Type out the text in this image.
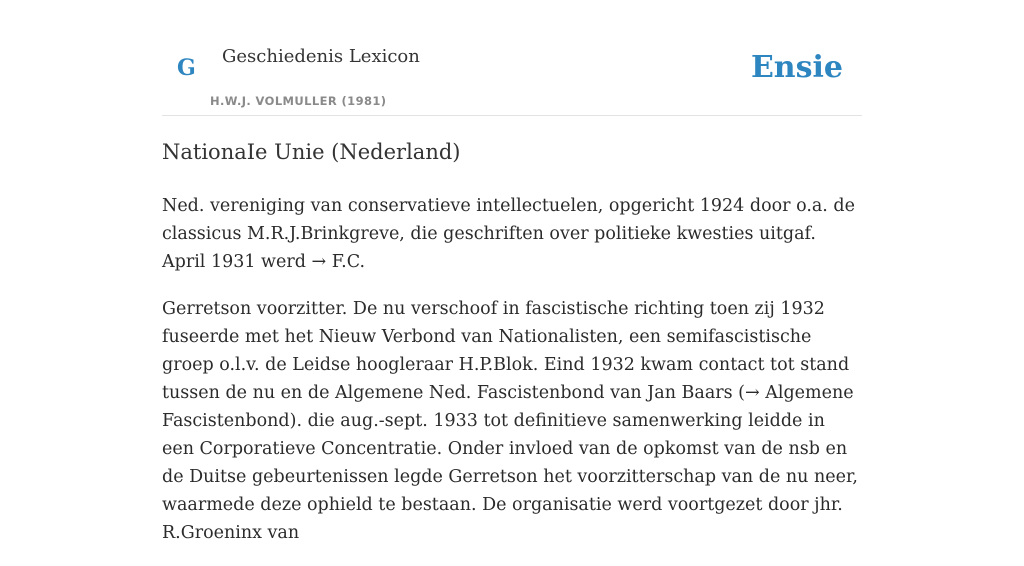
G Geschiedenis Lexicon
H.W.J. VOLMULLER (1981)
Ensie
NationaIe Unie (Nederland)

Ned. vereniging van conservatieve intellectuelen, opgericht 1924 door o.a. de classicus M.R.J.Brinkgreve, die geschriften over politieke kwesties uitgaf. April 1931 werd → F.C.

Gerretson voorzitter. De nu verschoof in fascistische richting toen zij 1932 fuseerde met het Nieuw Verbond van Nationalisten, een semifascistische groep o.l.v. de Leidse hoogleraar H.P.Blok. Eind 1932 kwam contact tot stand tussen de nu en de Algemene Ned. Fascistenbond van Jan Baars (→ Algemene Fascistenbond). die aug.-sept. 1933 tot definitieve samenwerking leidde in een Corporatieve Concentratie. Onder invloed van de opkomst van de nsb en de Duitse gebeurtenissen legde Gerretson het voorzitterschap van de nu neer, waarmede deze ophield te bestaan. De organisatie werd voortgezet door jhr. R.Groeninx van
